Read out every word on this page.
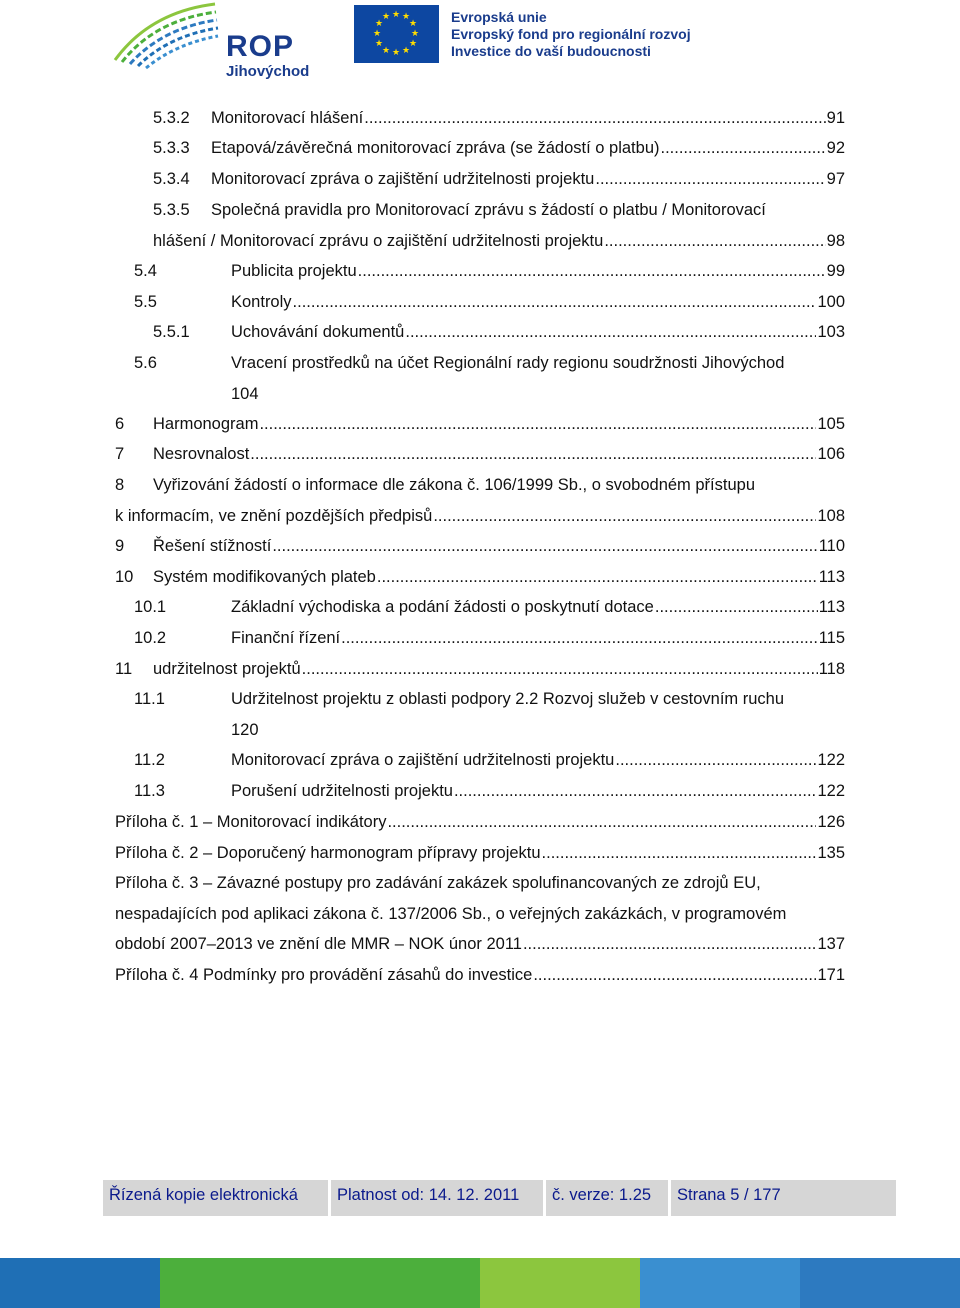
ROP
Jihovýchod
★ ★
★
★
★
★
★
★
★
★
★
★	Evropská unie
Evropský fond pro regionální rozvoj
Investice do vaší budoucnosti
5.3.2 Monitorovací hlášení .....	91
5.3.3 Etapová/závěrečná monitorovací zpráva (se žádostí o platbu) .....	92
5.3.4 Monitorovací zpráva o zajištění udržitelnosti projektu .....	97
5.3.5 Společná pravidla pro Monitorovací zprávu s žádostí o platbu / Monitorovací
hlášení / Monitorovací zprávu o zajištění udržitelnosti projektu .....	98
5.4	Publicita projektu .....	99
5.5	Kontroly .....	100
5.5.1	Uchovávání dokumentů .....	103
5.6	Vracení prostředků na účet Regionální rady regionu soudržnosti Jihovýchod
104
6 Harmonogram .....	105
7 Nesrovnalost .....	106
8 Vyřizování žádostí o informace dle zákona č. 106/1999 Sb., o svobodném přístupu
k informacím, ve znění pozdějších předpisů .....	108
9 Řešení stížností .....	110
10 Systém modifikovaných plateb .....	113
10.1	Základní východiska a podání žádosti o poskytnutí dotace .....	113
10.2	Finanční řízení .....	115
11 udržitelnost projektů .....	118
11.1	Udržitelnost projektu z oblasti podpory 2.2 Rozvoj služeb v cestovním ruchu
120
11.2	Monitorovací zpráva o zajištění udržitelnosti projektu .....	122
11.3	Porušení udržitelnosti projektu .....	122
Příloha č. 1 – Monitorovací indikátory .....	126
Příloha č. 2 – Doporučený harmonogram přípravy projektu .....	135
Příloha č. 3 – Závazné postupy pro zadávání zakázek spolufinancovaných ze zdrojů EU,
nespadajících pod aplikaci zákona č. 137/2006 Sb., o veřejných zakázkách, v programovém
období 2007–2013 ve znění dle MMR – NOK únor 2011 .....	137
Příloha č. 4 Podmínky pro provádění zásahů do investice .....	171
Řízená kopie elektronická	Platnost od: 14. 12. 2011	č. verze: 1.25	Strana 5 / 177
